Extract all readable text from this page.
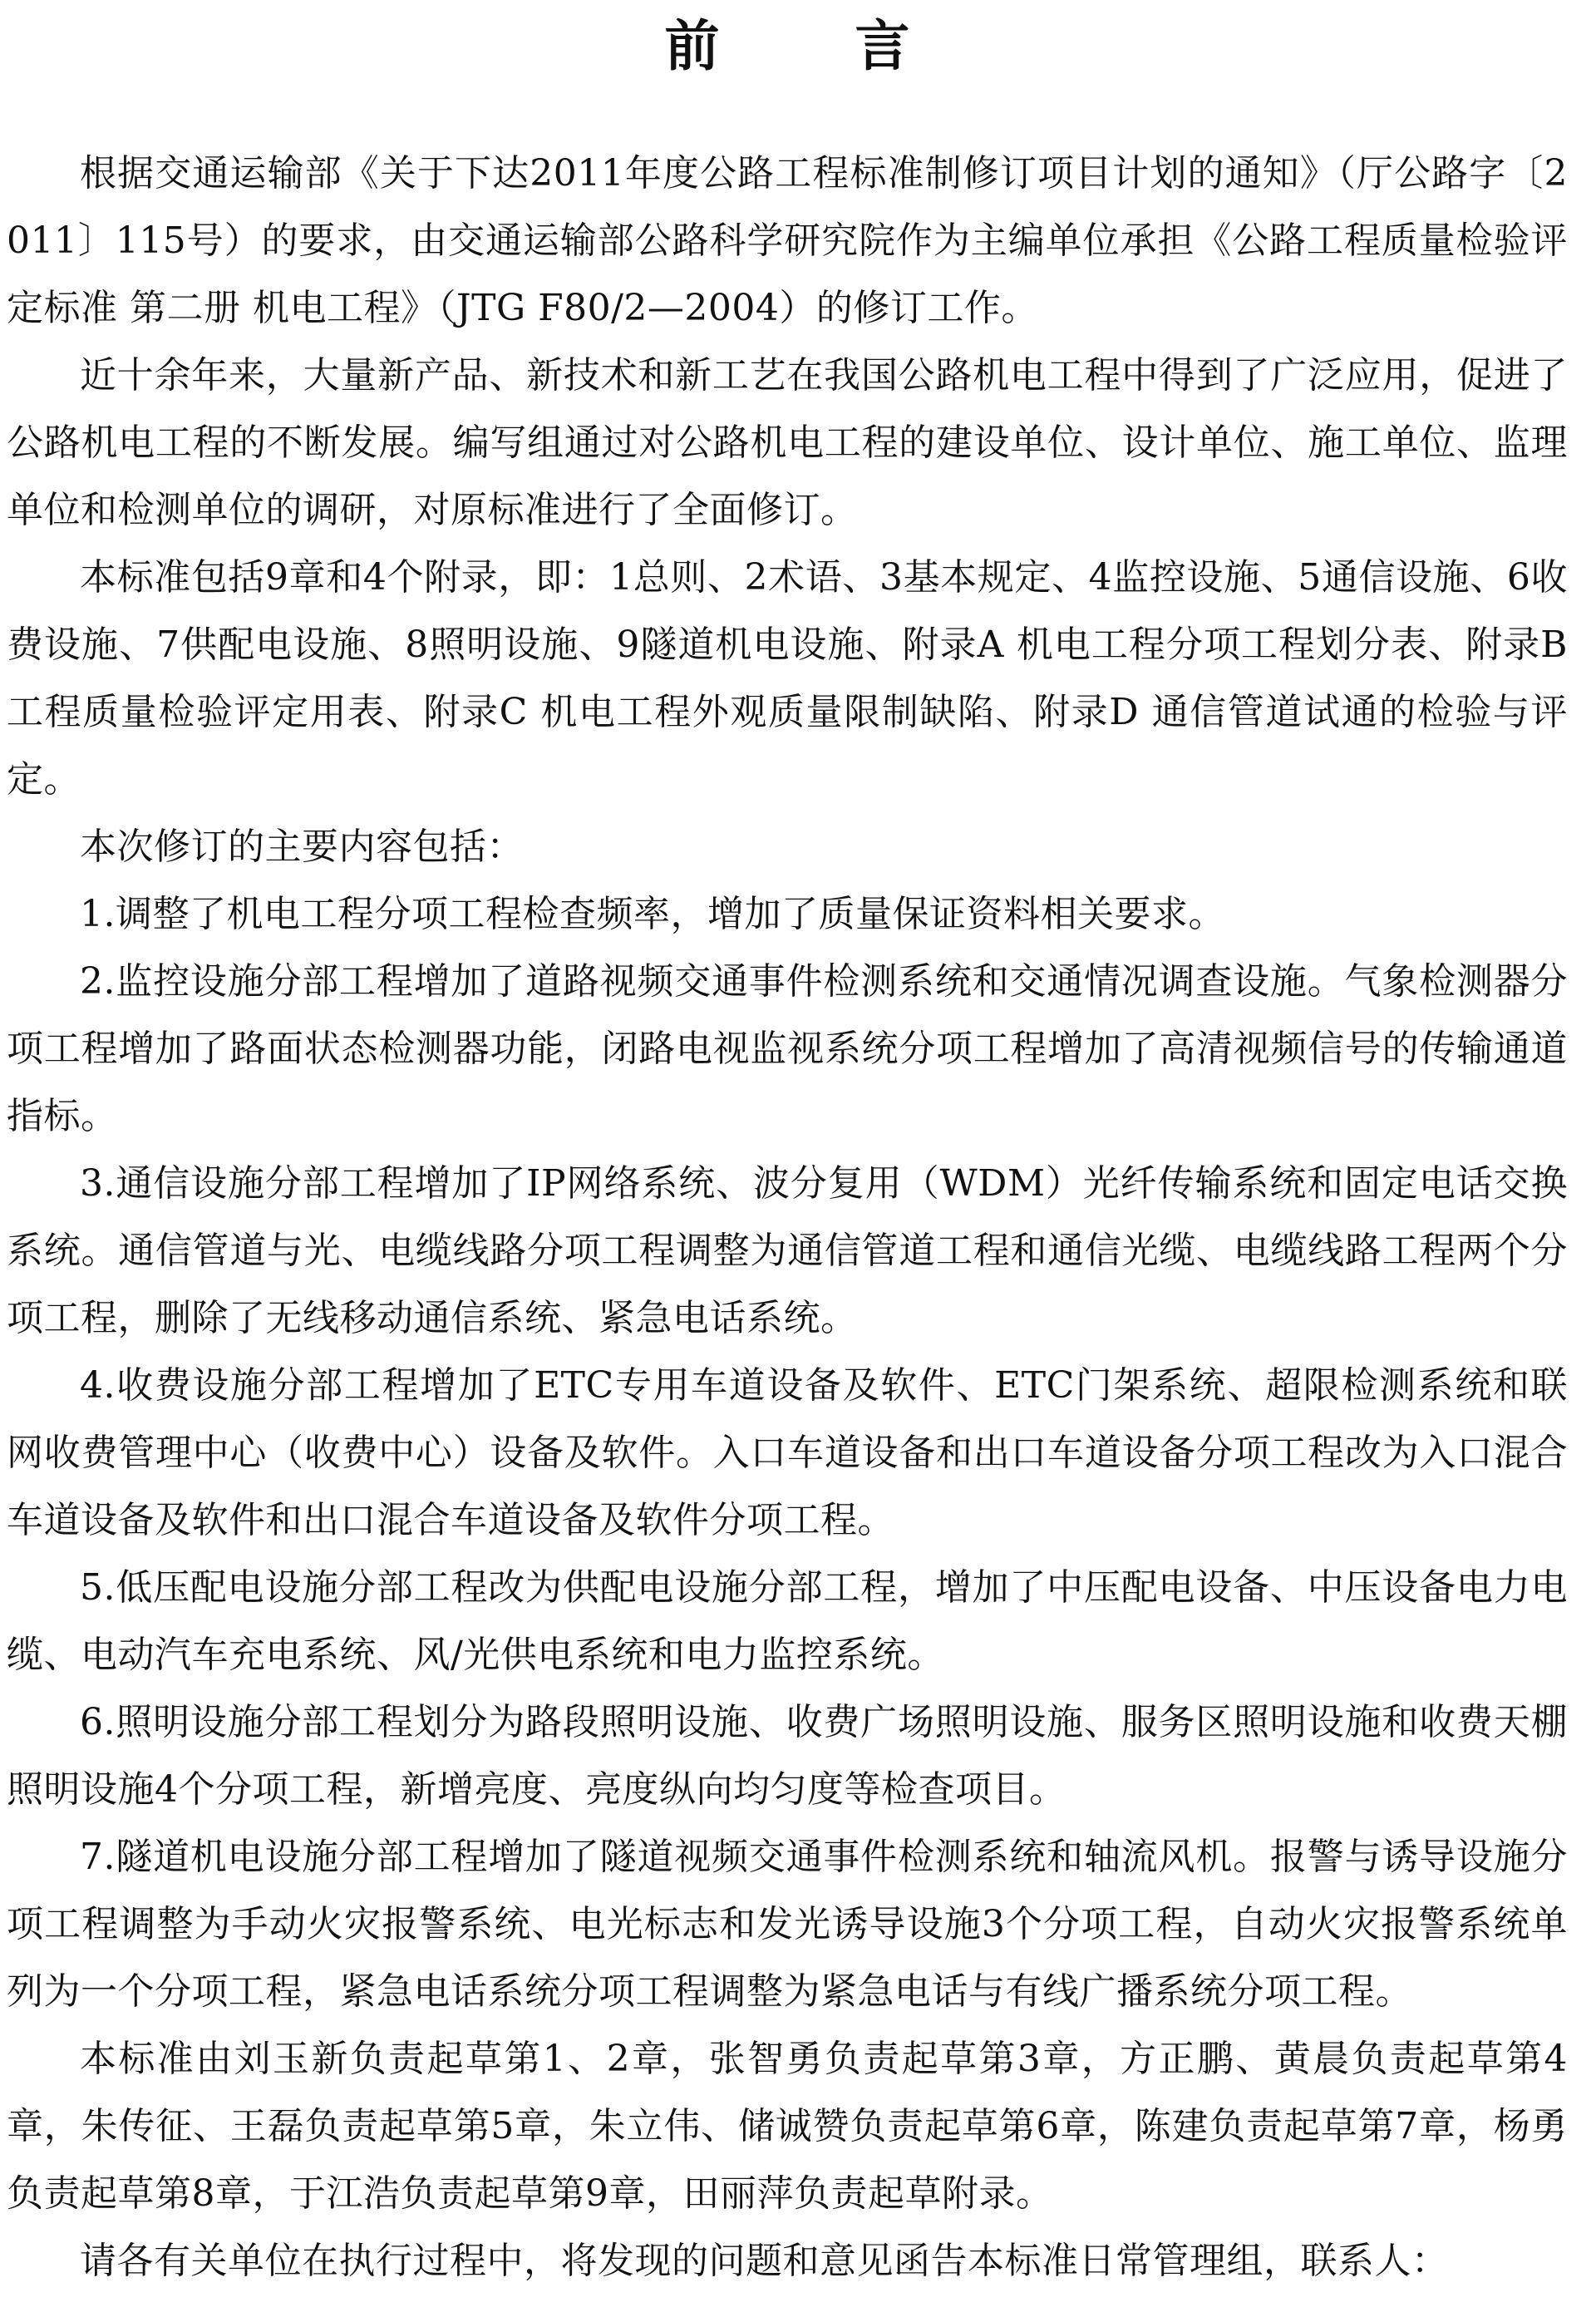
前 言

根据交通运输部《关于下达2011年度公路工程标准制修订项目计划的通知》（厅公路字〔2011〕115号）的要求，由交通运输部公路科学研究院作为主编单位承担《公路工程质量检验评定标准 第二册 机电工程》（JTG F80/2—2004）的修订工作。

近十余年来，大量新产品、新技术和新工艺在我国公路机电工程中得到了广泛应用，促进了公路机电工程的不断发展。编写组通过对公路机电工程的建设单位、设计单位、施工单位、监理单位和检测单位的调研，对原标准进行了全面修订。

本标准包括9章和4个附录，即：1总则、2术语、3基本规定、4监控设施、5通信设施、6收费设施、7供配电设施、8照明设施、9隧道机电设施、附录A 机电工程分项工程划分表、附录B 工程质量检验评定用表、附录C 机电工程外观质量限制缺陷、附录D 通信管道试通的检验与评定。

本次修订的主要内容包括：

1.调整了机电工程分项工程检查频率，增加了质量保证资料相关要求。

2.监控设施分部工程增加了道路视频交通事件检测系统和交通情况调查设施。气象检测器分项工程增加了路面状态检测器功能，闭路电视监视系统分项工程增加了高清视频信号的传输通道指标。

3.通信设施分部工程增加了IP网络系统、波分复用（WDM）光纤传输系统和固定电话交换系统。通信管道与光、电缆线路分项工程调整为通信管道工程和通信光缆、电缆线路工程两个分项工程，删除了无线移动通信系统、紧急电话系统。

4.收费设施分部工程增加了ETC专用车道设备及软件、ETC门架系统、超限检测系统和联网收费管理中心（收费中心）设备及软件。入口车道设备和出口车道设备分项工程改为入口混合车道设备及软件和出口混合车道设备及软件分项工程。

5.低压配电设施分部工程改为供配电设施分部工程，增加了中压配电设备、中压设备电力电缆、电动汽车充电系统、风/光供电系统和电力监控系统。

6.照明设施分部工程划分为路段照明设施、收费广场照明设施、服务区照明设施和收费天棚照明设施4个分项工程，新增亮度、亮度纵向均匀度等检查项目。

7.隧道机电设施分部工程增加了隧道视频交通事件检测系统和轴流风机。报警与诱导设施分项工程调整为手动火灾报警系统、电光标志和发光诱导设施3个分项工程，自动火灾报警系统单列为一个分项工程，紧急电话系统分项工程调整为紧急电话与有线广播系统分项工程。

本标准由刘玉新负责起草第1、2章，张智勇负责起草第3章，方正鹏、黄晨负责起草第4章，朱传征、王磊负责起草第5章，朱立伟、储诚赞负责起草第6章，陈建负责起草第7章，杨勇负责起草第8章，于江浩负责起草第9章，田丽萍负责起草附录。

请各有关单位在执行过程中，将发现的问题和意见函告本标准日常管理组，联系人：
